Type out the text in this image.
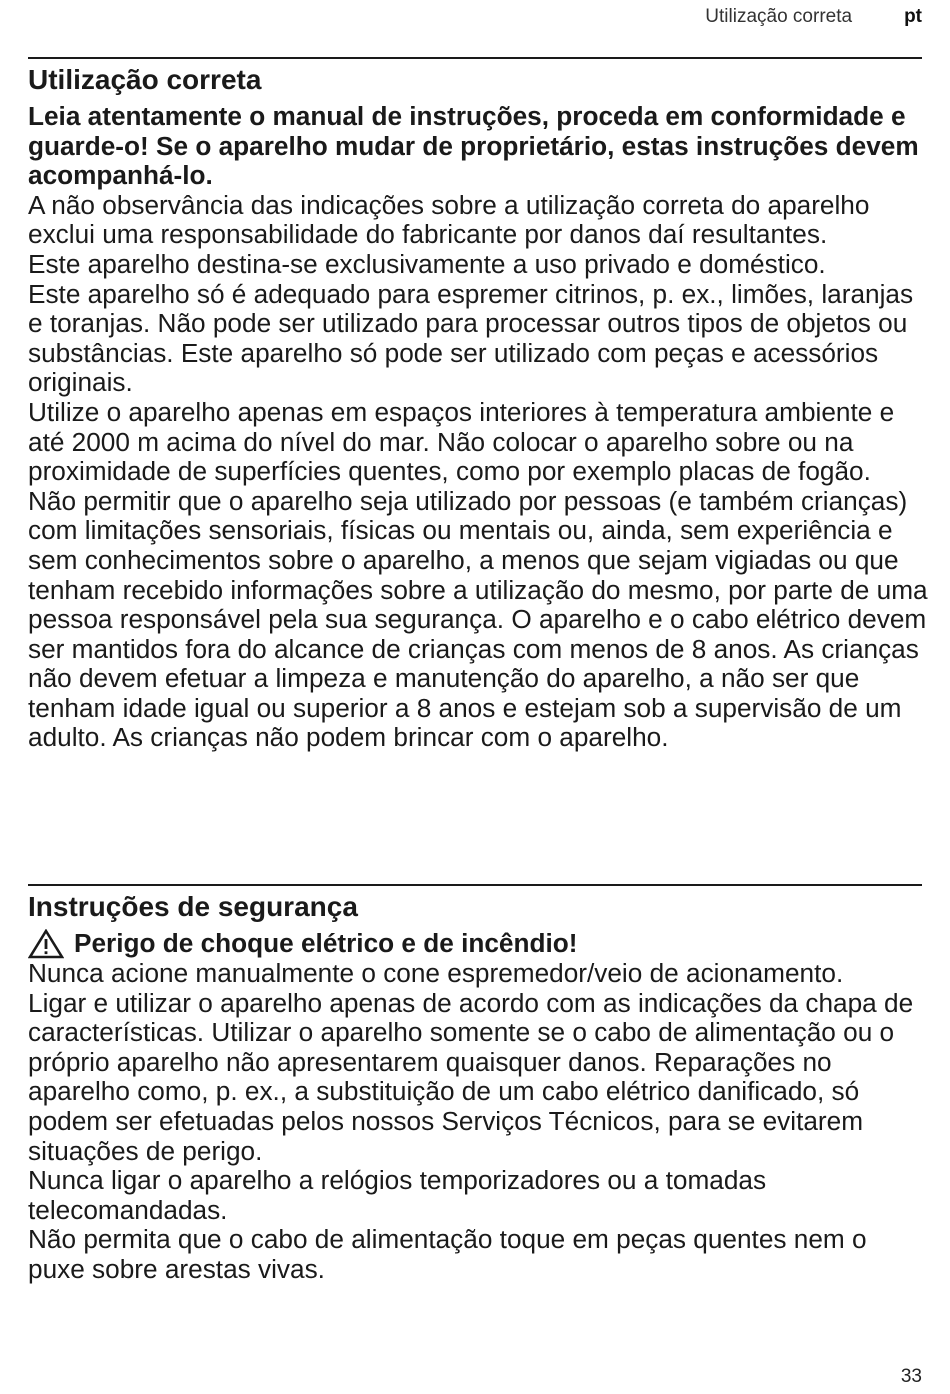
Utilização correta	pt
Utilização correta

Leia atentamente o manual de instruções, proceda em conformidade e guarde-o! Se o aparelho mudar de proprietário, estas instruções devem acompanhá-lo.

A não observância das indicações sobre a utilização correta do aparelho exclui uma responsabilidade do fabricante por danos daí resultantes.

Este aparelho destina-se exclusivamente a uso privado e doméstico.

Este aparelho só é adequado para espremer citrinos, p. ex., limões, laranjas e toranjas. Não pode ser utilizado para processar outros tipos de objetos ou substâncias. Este aparelho só pode ser utilizado com peças e acessórios originais.

Utilize o aparelho apenas em espaços interiores à temperatura ambiente e até 2000 m acima do nível do mar. Não colocar o aparelho sobre ou na proximidade de superfícies quentes, como por exemplo placas de fogão.

Não permitir que o aparelho seja utilizado por pessoas (e também crianças) com limitações sensoriais, físicas ou mentais ou, ainda, sem experiência e sem conhecimentos sobre o aparelho, a menos que sejam vigiadas ou que tenham recebido informações sobre a utilização do mesmo, por parte de uma pessoa responsável pela sua segurança. O aparelho e o cabo elétrico devem ser mantidos fora do alcance de crianças com menos de 8 anos. As crianças não devem efetuar a limpeza e manutenção do aparelho, a não ser que tenham idade igual ou superior a 8 anos e estejam sob a supervisão de um adulto. As crianças não podem brincar com o aparelho.

Instruções de segurança
Perigo de choque elétrico e de incêndio!

Nunca acione manualmente o cone espremedor/veio de acionamento.

Ligar e utilizar o aparelho apenas de acordo com as indicações da chapa de características. Utilizar o aparelho somente se o cabo de alimentação ou o próprio aparelho não apresentarem quaisquer danos. Reparações no aparelho como, p. ex., a substituição de um cabo elétrico danificado, só podem ser efetuadas pelos nossos Serviços Técnicos, para se evitarem situações de perigo.

Nunca ligar o aparelho a relógios temporizadores ou a tomadas telecomandadas.

Não permita que o cabo de alimentação toque em peças quentes nem o puxe sobre arestas vivas.

33
